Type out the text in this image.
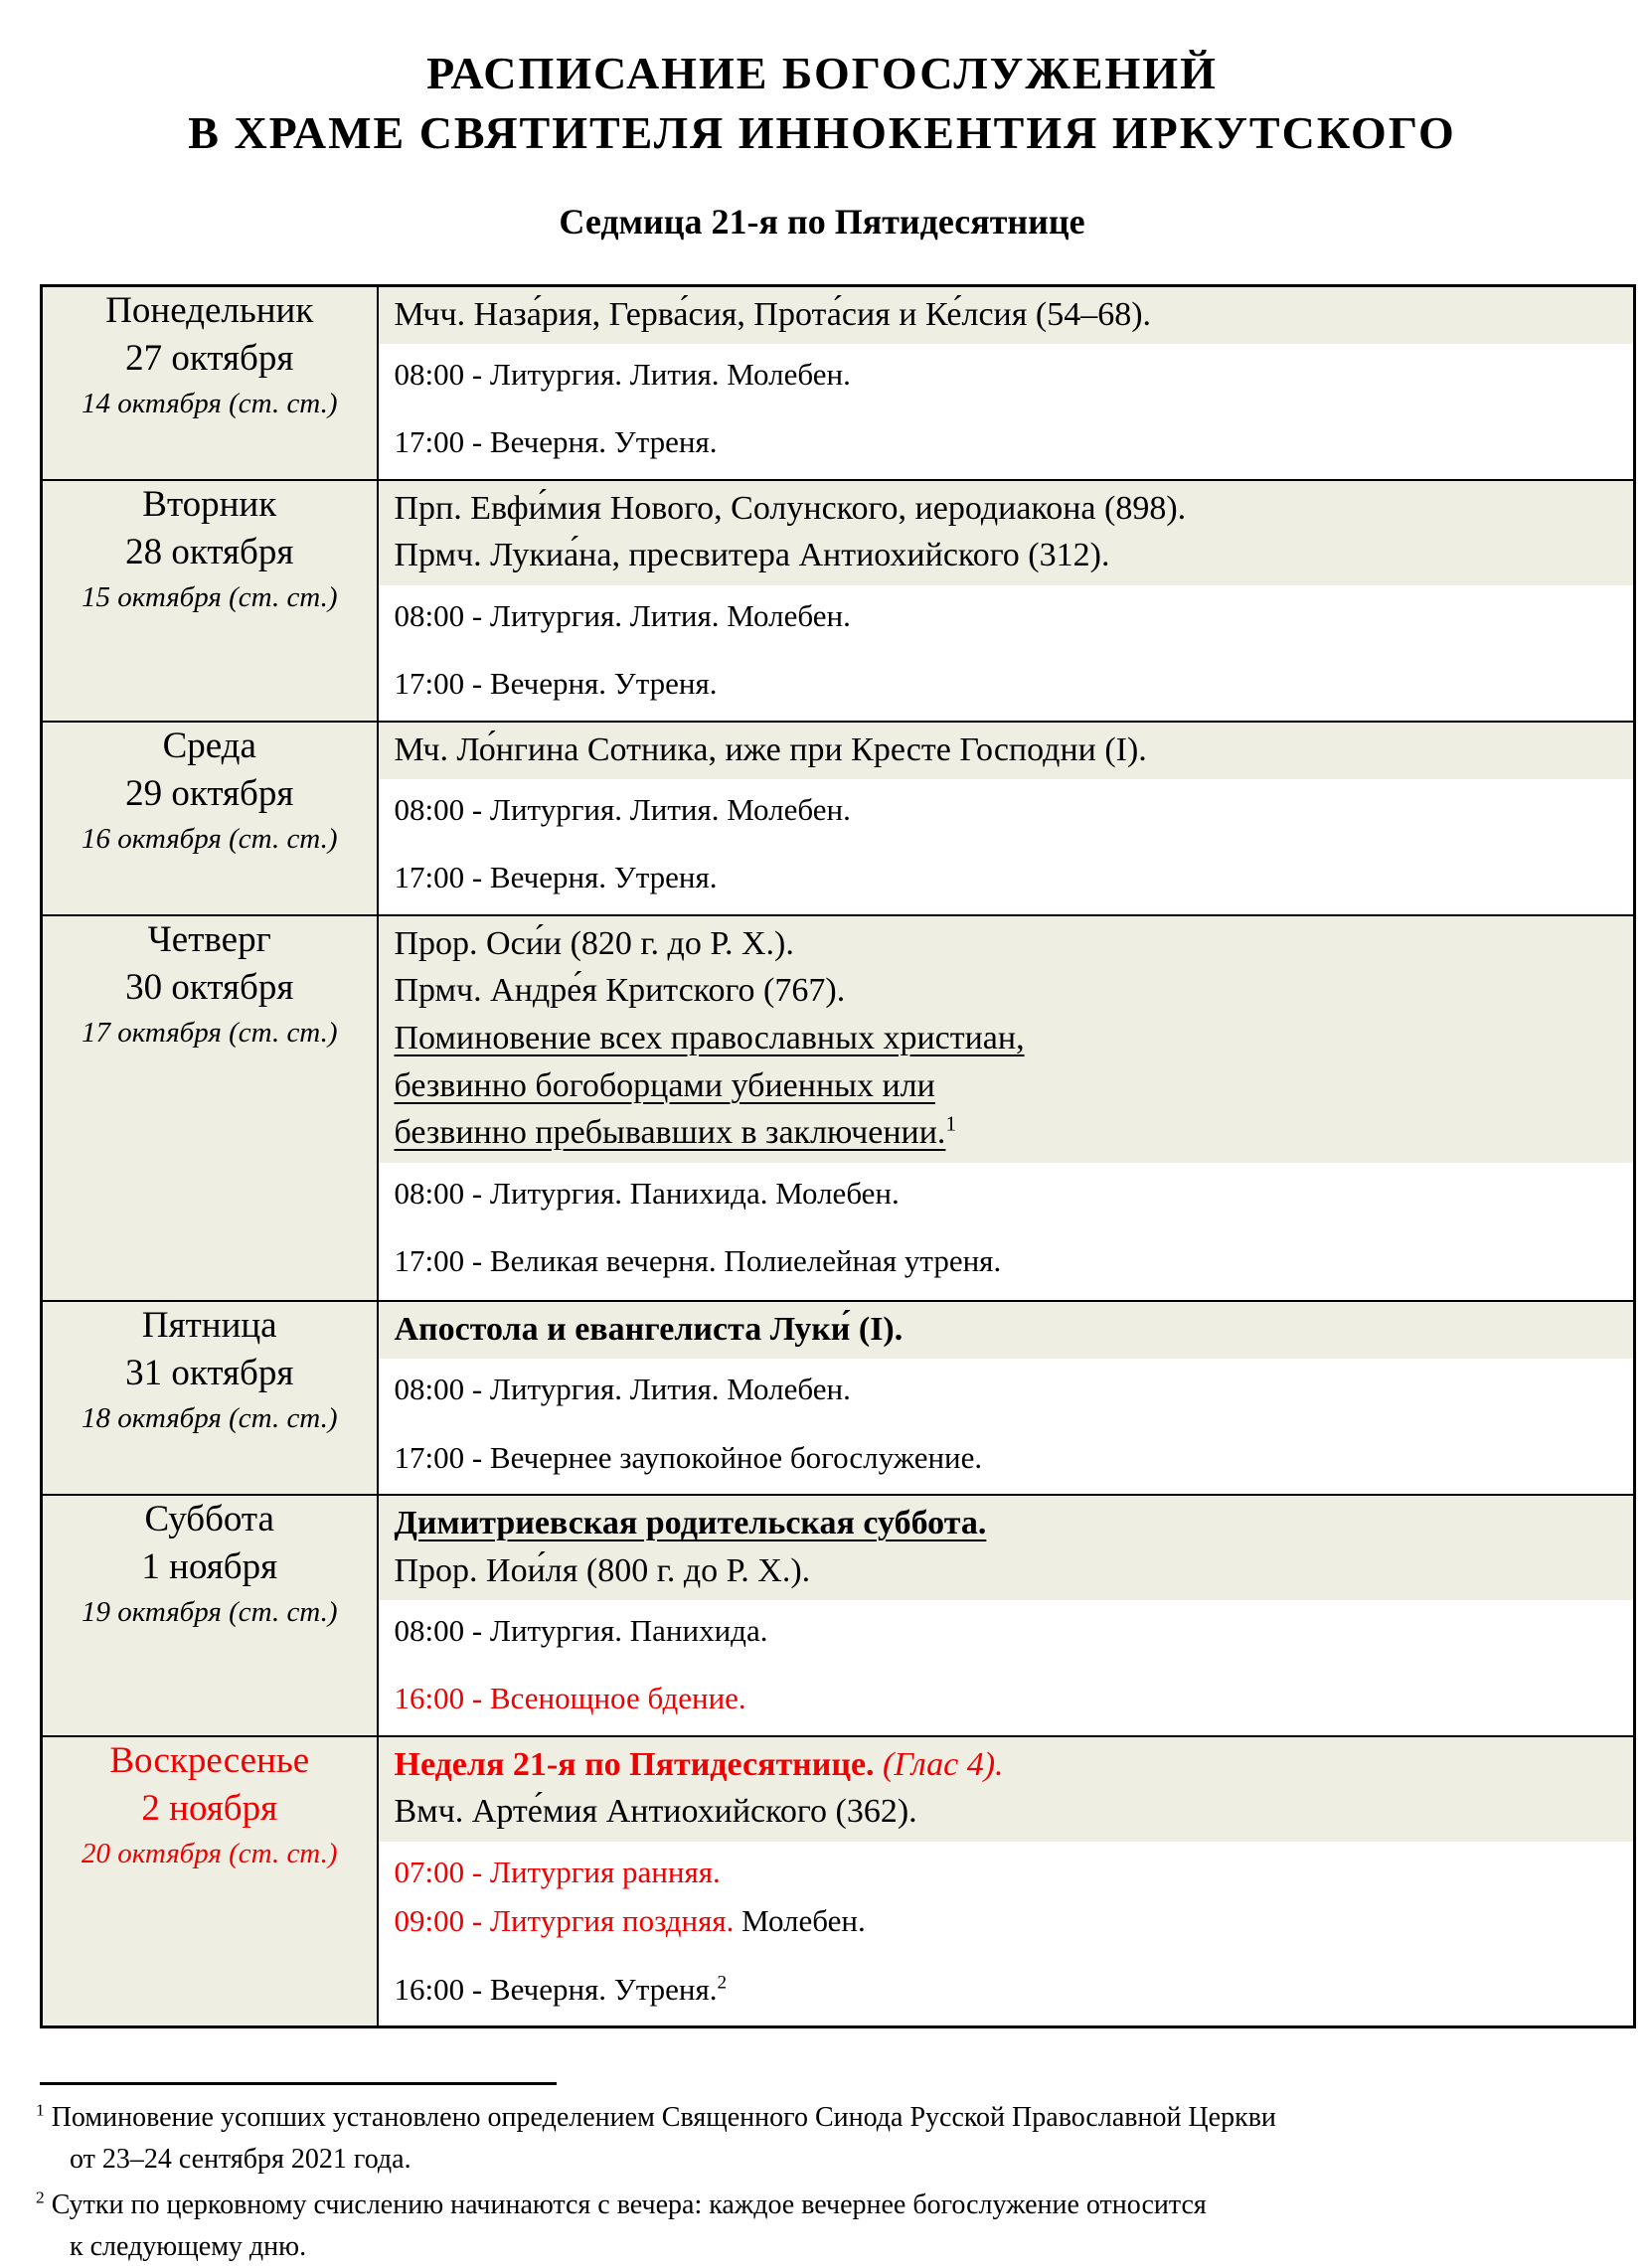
РАСПИСАНИЕ БОГОСЛУЖЕНИЙ
В ХРАМЕ СВЯТИТЕЛЯ ИННОКЕНТИЯ ИРКУТСКОГО
Седмица 21-я по Пятидесятнице
Понедельник
27 октября
14 октября (ст. ст.)

Мчч. Наза́рия, Герва́сия, Прота́сия и Ке́лсия (54–68).
08:00 - Литургия. Лития. Молебен.
17:00 - Вечерня. Утреня.

Вторник
28 октября
15 октября (ст. ст.)

Прп. Евфи́мия Нового, Солунского, иеродиакона (898).
Прмч. Лукиа́на, пресвитера Антиохийского (312).
08:00 - Литургия. Лития. Молебен.
17:00 - Вечерня. Утреня.

Среда
29 октября
16 октября (ст. ст.)

Мч. Ло́нгина Сотника, иже при Кресте Господни (I).
08:00 - Литургия. Лития. Молебен.
17:00 - Вечерня. Утреня.

Четверг
30 октября
17 октября (ст. ст.)

Прор. Оси́и (820 г. до Р. Х.).
Прмч. Андре́я Критского (767).
Поминовение всех православных христиан,
безвинно богоборцами убиенных или
безвинно пребывавших в заключении.$^1$
08:00 - Литургия. Панихида. Молебен.
17:00 - Великая вечерня. Полиелейная утреня.

Пятница
31 октября
18 октября (ст. ст.)

Апостола и евангелиста Луки́ (I).
08:00 - Литургия. Лития. Молебен.
17:00 - Вечернее заупокойное богослужение.

Суббота
1 ноября
19 октября (ст. ст.)

Димитриевская родительская суббота.
Прор. Иои́ля (800 г. до Р. Х.).
08:00 - Литургия. Панихида.
16:00 - Всенощное бдение.

Воскресенье
2 ноября
20 октября (ст. ст.)

Неделя 21-я по Пятидесятнице. (Глас 4).
Вмч. Арте́мия Антиохийского (362).
07:00 - Литургия ранняя.
09:00 - Литургия поздняя. Молебен.
16:00 - Вечерня. Утреня.$^2$
$^1$ Поминовение усопших установлено определением Священного Синода Русской Православной Церкви
от 23–24 сентября 2021 года.
$^2$ Сутки по церковному счислению начинаются с вечера: каждое вечернее богослужение относится
к следующему дню.
